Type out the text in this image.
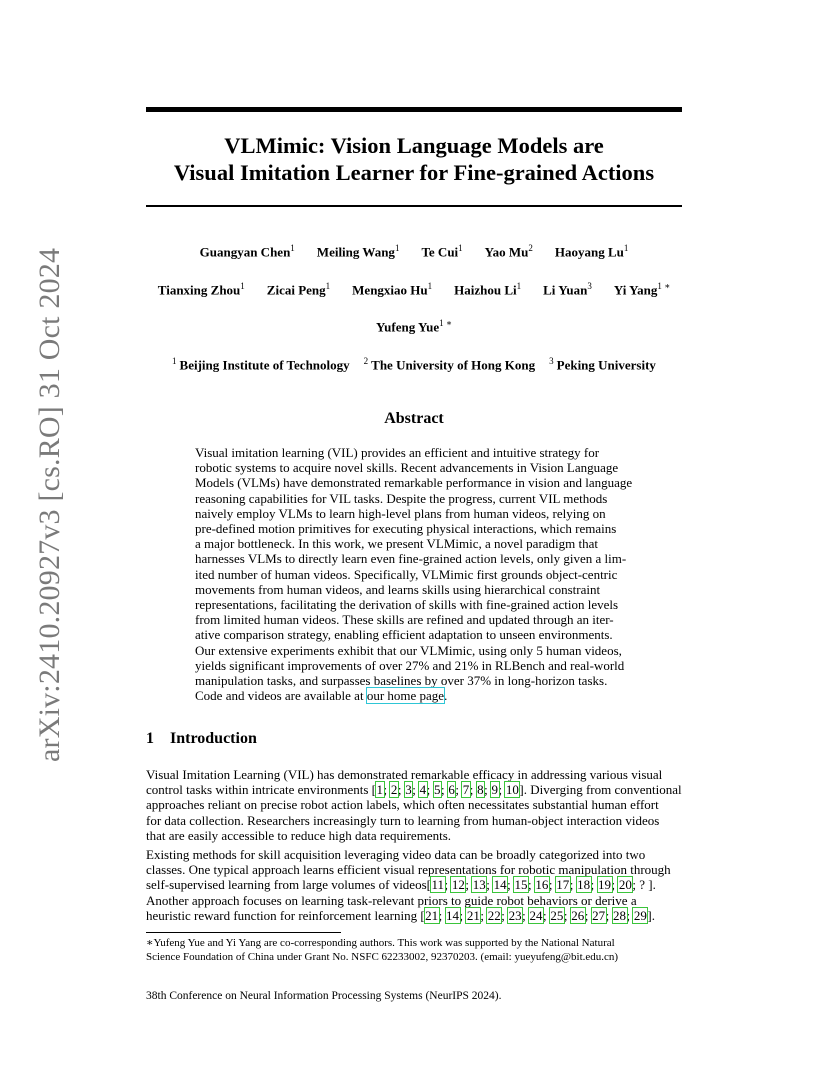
arXiv:2410.20927v3 [cs.RO] 31 Oct 2024
VLMimic: Vision Language Models are
Visual Imitation Learner for Fine-grained Actions
Guangyan Chen$^1$ Meiling Wang$^1$ Te Cui$^1$ Yao Mu$^2$ Haoyang Lu$^1$
Tianxing Zhou$^1$ Zicai Peng$^1$ Mengxiao Hu$^1$ Haizhou Li$^1$ Li Yuan$^3$ Yi Yang$^{1 ∗}$
Yufeng Yue$^{1 ∗}$
$^1$ Beijing Institute of Technology $^2$ The University of Hong Kong $^3$ Peking University
Abstract
Visual imitation learning (VIL) provides an efficient and intuitive strategy for
robotic systems to acquire novel skills. Recent advancements in Vision Language
Models (VLMs) have demonstrated remarkable performance in vision and language
reasoning capabilities for VIL tasks. Despite the progress, current VIL methods
naively employ VLMs to learn high-level plans from human videos, relying on
pre-defined motion primitives for executing physical interactions, which remains
a major bottleneck. In this work, we present VLMimic, a novel paradigm that
harnesses VLMs to directly learn even fine-grained action levels, only given a lim-
ited number of human videos. Specifically, VLMimic first grounds object-centric
movements from human videos, and learns skills using hierarchical constraint
representations, facilitating the derivation of skills with fine-grained action levels
from limited human videos. These skills are refined and updated through an iter-
ative comparison strategy, enabling efficient adaptation to unseen environments.
Our extensive experiments exhibit that our VLMimic, using only 5 human videos,
yields significant improvements of over 27% and 21% in RLBench and real-world
manipulation tasks, and surpasses baselines by over 37% in long-horizon tasks.
Code and videos are available at our home page.
1 Introduction
Visual Imitation Learning (VIL) has demonstrated remarkable efficacy in addressing various visual
control tasks within intricate environments [1; 2; 3; 4; 5; 6; 7; 8; 9; 10]. Diverging from conventional
approaches reliant on precise robot action labels, which often necessitates substantial human effort
for data collection. Researchers increasingly turn to learning from human-object interaction videos
that are easily accessible to reduce high data requirements.
Existing methods for skill acquisition leveraging video data can be broadly categorized into two
classes. One typical approach learns efficient visual representations for robotic manipulation through
self-supervised learning from large volumes of videos[11; 12; 13; 14; 15; 16; 17; 18; 19; 20; ? ].
Another approach focuses on learning task-relevant priors to guide robot behaviors or derive a
heuristic reward function for reinforcement learning [21; 14; 21; 22; 23; 24; 25; 26; 27; 28; 29].
∗Yufeng Yue and Yi Yang are co-corresponding authors. This work was supported by the National Natural
Science Foundation of China under Grant No. NSFC 62233002, 92370203. (email: yueyufeng@bit.edu.cn)
38th Conference on Neural Information Processing Systems (NeurIPS 2024).
